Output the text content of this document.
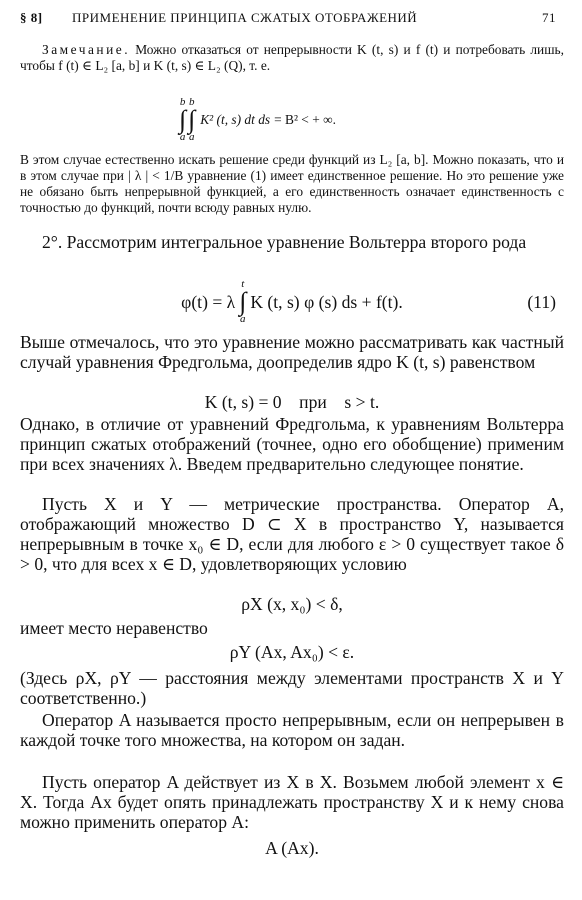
§ 8] ПРИМЕНЕНИЕ ПРИНЦИПА СЖАТЫХ ОТОБРАЖЕНИЙ	71

Замечание. Можно отказаться от непрерывности K (t, s) и f (t) и потребовать лишь, чтобы f (t) ∈ L₂ [a, b] и K (t, s) ∈ L₂ (Q), т. е.

b
∫
a
b
∫
a
K² (t, s) dt ds = B² < + ∞.

В этом случае естественно искать решение среди функций из L₂ [a, b]. Можно показать, что и в этом случае при | λ | < 1/B уравнение (1) имеет единственное решение. Но это решение уже не обязано быть непрерывной функцией, а его единственность означает единственность с точностью до функций, почти всюду равных нулю.

2°. Рассмотрим интегральное уравнение Вольтерра второго рода

φ(t) = λ
t
∫
a
K (t, s) φ (s) ds + f(t).	(11)

Выше отмечалось, что это уравнение можно рассматривать как частный случай уравнения Фредгольма, доопределив ядро K (t, s) равенством

K (t, s) = 0    при    s > t.

Однако, в отличие от уравнений Фредгольма, к уравнениям Вольтерра принцип сжатых отображений (точнее, одно его обобщение) применим при всех значениях λ. Введем предварительно следующее понятие.

Пусть X и Y — метрические пространства. Оператор A, отображающий множество D ⊂ X в пространство Y, называется непрерывным в точке x₀ ∈ D, если для любого ε > 0 существует такое δ > 0, что для всех x ∈ D, удовлетворяющих условию

ρX (x, x₀) < δ,

имеет место неравенство

ρY (Ax, Ax₀) < ε.

(Здесь ρX, ρY — расстояния между элементами пространств X и Y соответственно.)

Оператор A называется просто непрерывным, если он непрерывен в каждой точке того множества, на котором он задан.

Пусть оператор A действует из X в X. Возьмем любой элемент x ∈ X. Тогда Ax будет опять принадлежать пространству X и к нему снова можно применить оператор A:

A (Ax).
